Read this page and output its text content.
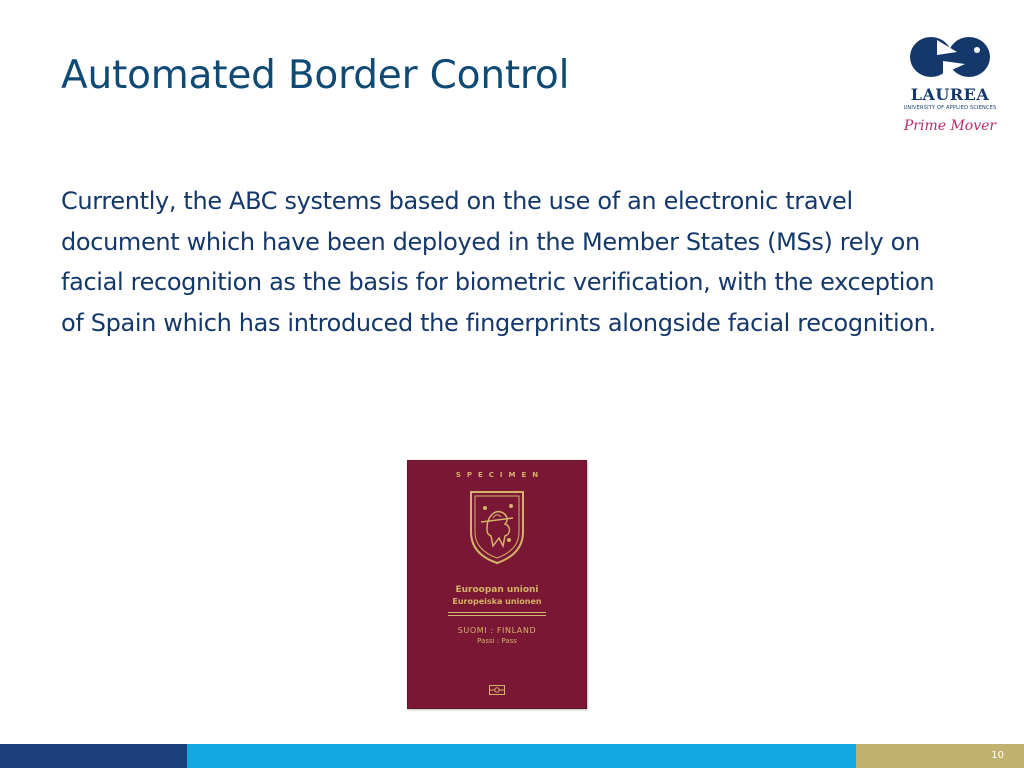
Automated Border Control	LAUREA
UNIVERSITY OF APPLIED SCIENCES
Prime Mover

Currently, the ABC systems based on the use of an electronic travel document which have been deployed in the Member States (MSs) rely on facial recognition as the basis for biometric verification, with the exception of Spain which has introduced the fingerprints alongside facial recognition.

SPECIMEN
Euroopan unioni
Europeiska unionen
SUOMI : FINLAND
Passi : Pass
10
